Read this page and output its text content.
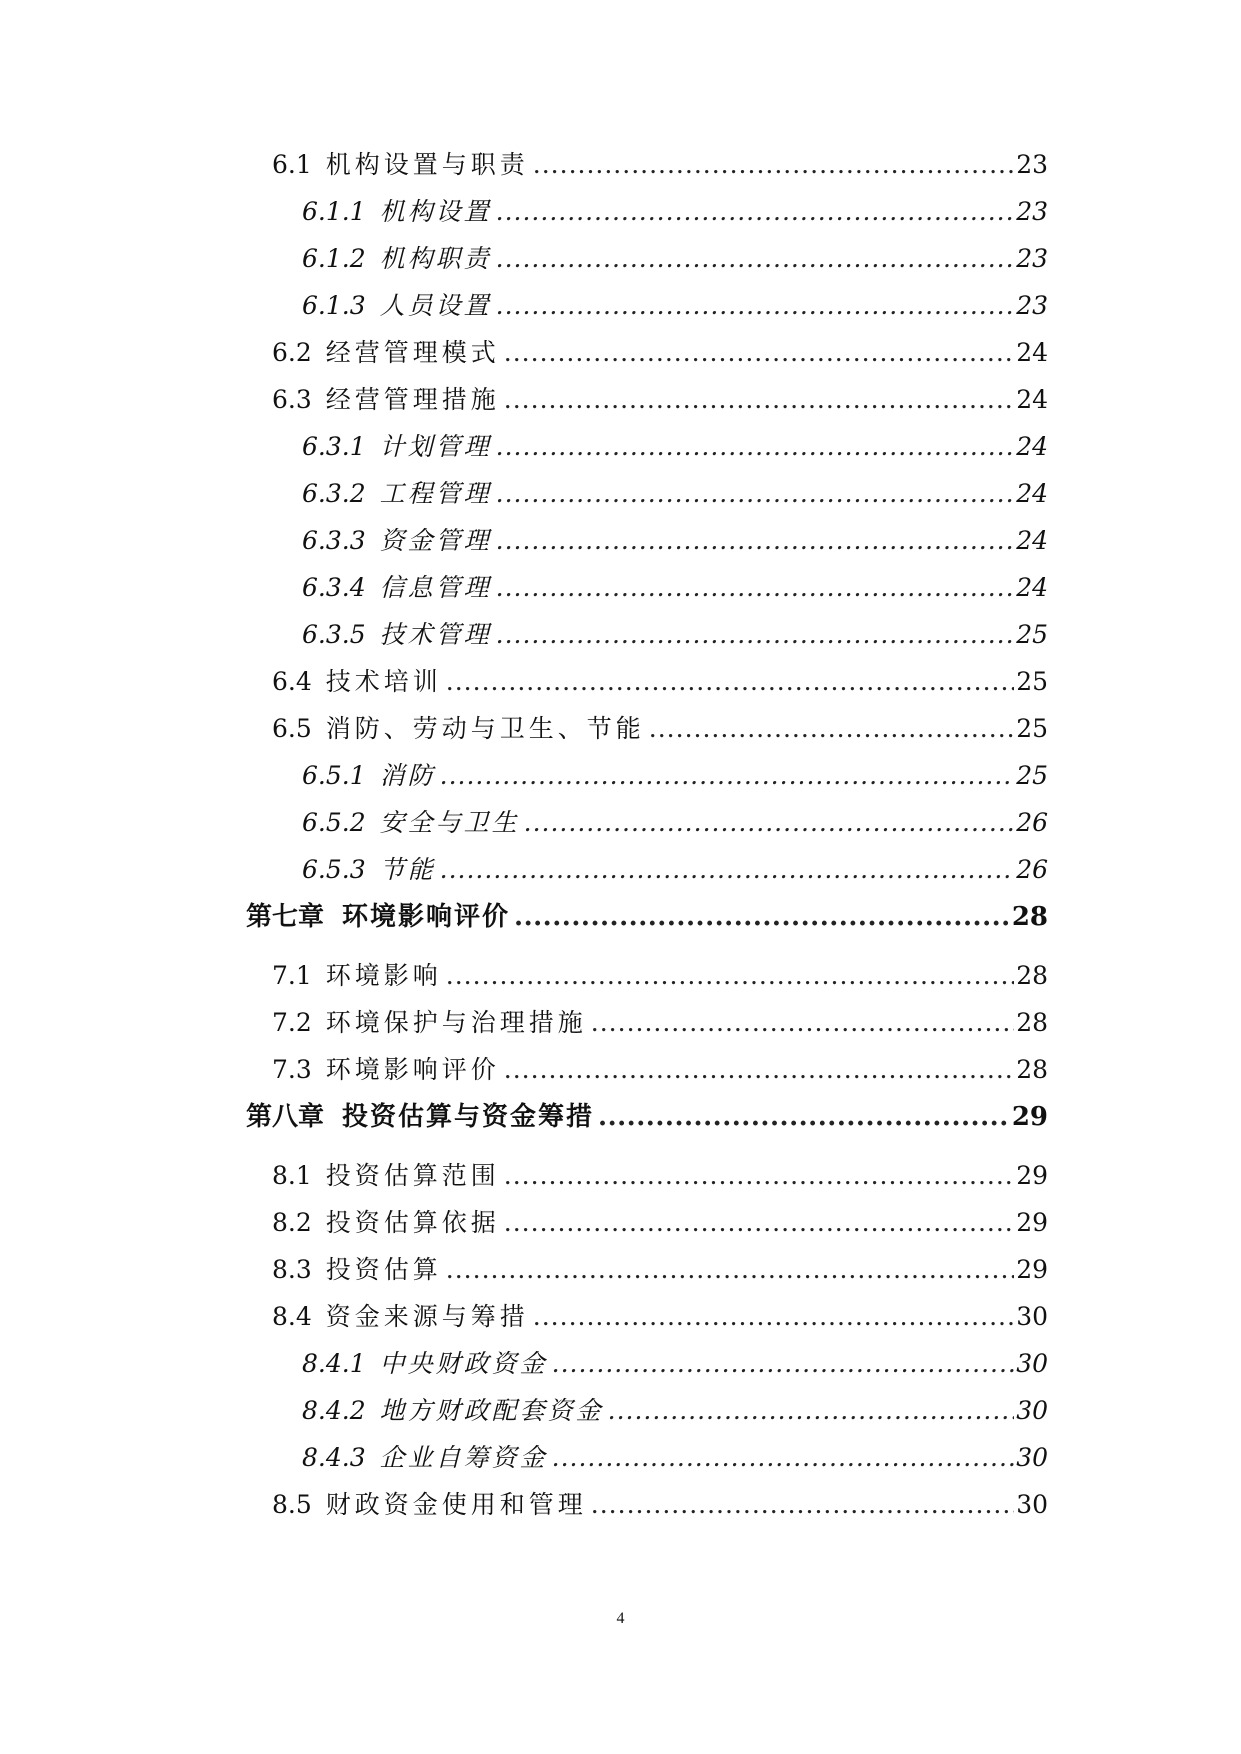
6.1 机构设置与职责 .....	23
6.1.1 机构设置 .....	23
6.1.2 机构职责 .....	23
6.1.3 人员设置 .....	23
6.2 经营管理模式 .....	24
6.3 经营管理措施 .....	24
6.3.1 计划管理 .....	24
6.3.2 工程管理 .....	24
6.3.3 资金管理 .....	24
6.3.4 信息管理 .....	24
6.3.5 技术管理 .....	25
6.4 技术培训 .....	25
6.5 消防、劳动与卫生、节能 .....	25
6.5.1 消防 .....	25
6.5.2 安全与卫生 .....	26
6.5.3 节能 .....	26
第七章 环境影响评价 .....	28
7.1 环境影响 .....	28
7.2 环境保护与治理措施 .....	28
7.3 环境影响评价 .....	28
第八章 投资估算与资金筹措 .....	29
8.1 投资估算范围 .....	29
8.2 投资估算依据 .....	29
8.3 投资估算 .....	29
8.4 资金来源与筹措 .....	30
8.4.1 中央财政资金 .....	30
8.4.2 地方财政配套资金 .....	30
8.4.3 企业自筹资金 .....	30
8.5 财政资金使用和管理 .....	30
4
